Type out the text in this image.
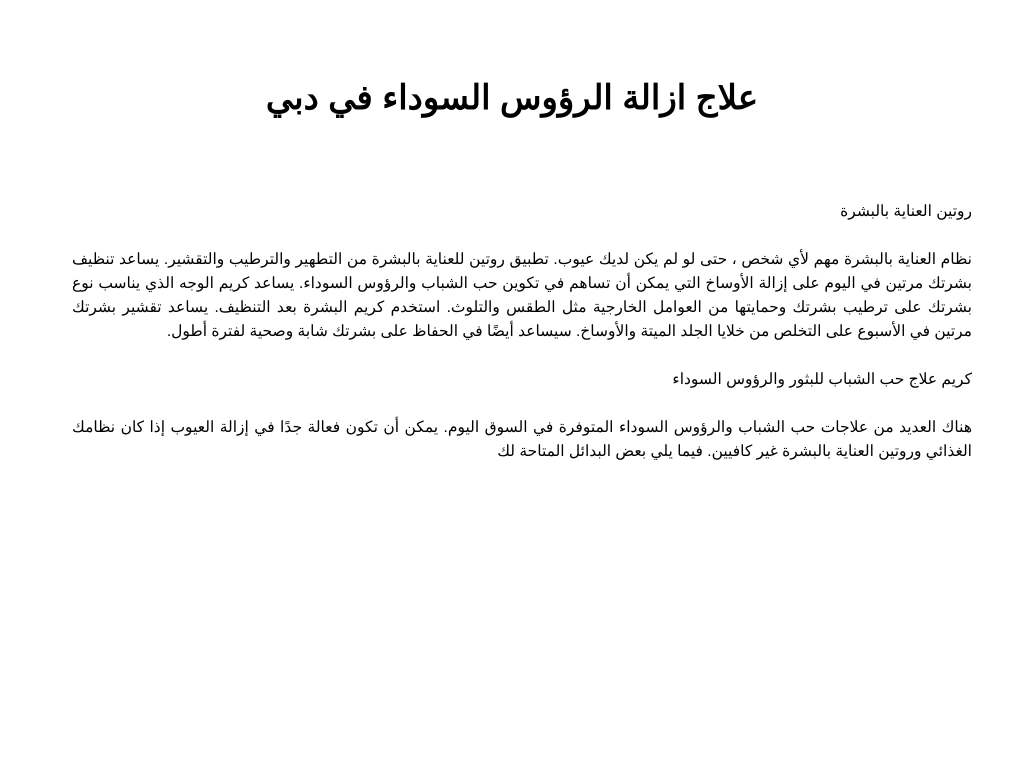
علاج ازالة الرؤوس السوداء في دبي

روتين العناية بالبشرة

نظام العناية بالبشرة مهم لأي شخص ، حتى لو لم يكن لديك عيوب. تطبيق روتين للعناية بالبشرة من التطهير والترطيب والتقشير. يساعد تنظيف بشرتك مرتين في اليوم على إزالة الأوساخ التي يمكن أن تساهم في تكوين حب الشباب والرؤوس السوداء. يساعد كريم الوجه الذي يناسب نوع بشرتك على ترطيب بشرتك وحمايتها من العوامل الخارجية مثل الطقس والتلوث. استخدم كريم البشرة بعد التنظيف. يساعد تقشير بشرتك مرتين في الأسبوع على التخلص من خلايا الجلد الميتة والأوساخ. سيساعد أيضًا في الحفاظ على بشرتك شابة وصحية لفترة أطول.

كريم علاج حب الشباب للبثور والرؤوس السوداء

هناك العديد من علاجات حب الشباب والرؤوس السوداء المتوفرة في السوق اليوم. يمكن أن تكون فعالة جدًا في إزالة العيوب إذا كان نظامك الغذائي وروتين العناية بالبشرة غير كافيين. فيما يلي بعض البدائل المتاحة لك
